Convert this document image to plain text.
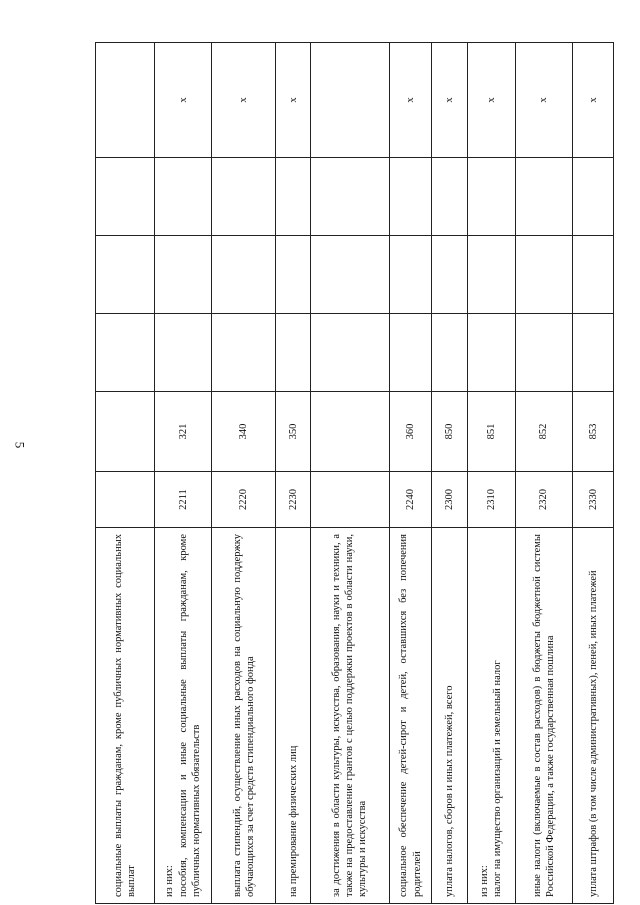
5
социальные выплаты гражданам, кроме публичных нормативных социальных выплат						
из них: пособия, компенсации и иные социальные выплаты гражданам, кроме публичных нормативных обязательств	2211	321				x
выплата стипендий, осуществление иных расходов на социальную поддержку обучающихся за счет средств стипендиального фонда	2220	340				x
на премирование физических лиц	2230	350				x
за достижения в области культуры, искусства, образования, науки и техники, а также на предоставление грантов с целью поддержки проектов в области науки, культуры и искусства						
социальное обеспечение детей-сирот и детей, оставшихся без попечения родителей	2240	360				x
уплата налогов, сборов и иных платежей, всего	2300	850				x
из них: налог на имущество организаций и земельный налог	2310	851				x
иные налоги (включаемые в состав расходов) в бюджеты бюджетной системы Российской Федерации, а также государственная пошлина	2320	852				x
уплата штрафов (в том числе административных), пеней, иных платежей	2330	853				x
